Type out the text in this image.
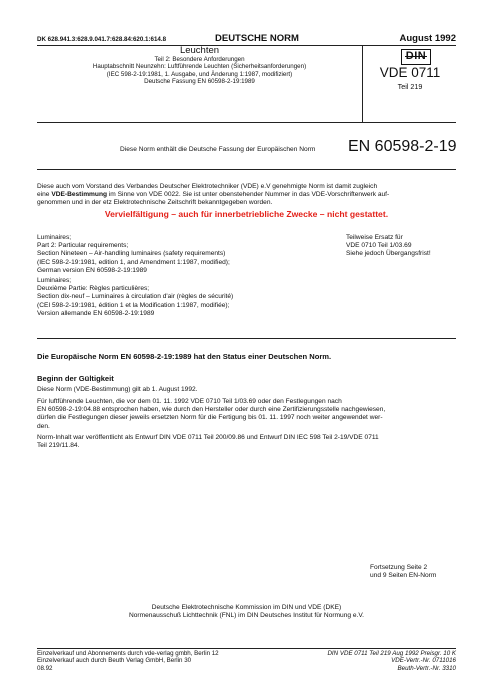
DK 628.941.3:628.9.041.7:628.84:620.1:614.8	DEUTSCHE NORM	August 1992
Leuchten
Teil 2: Besondere Anforderungen
Hauptabschnitt Neunzehn: Luftführende Leuchten (Sicherheitsanforderungen)
(IEC 598-2-19:1981, 1. Ausgabe, und Änderung 1:1987, modifiziert)
Deutsche Fassung EN 60598-2-19:1989
DIN
VDE 0711
Teil 219
Diese Norm enthält die Deutsche Fassung der Europäischen Norm EN 60598-2-19
Diese auch vom Vorstand des Verbandes Deutscher Elektrotechniker (VDE) e.V genehmigte Norm ist damit zugleich
eine VDE-Bestimmung im Sinne von VDE 0022. Sie ist unter obenstehender Nummer in das VDE-Vorschriftenwerk auf-
genommen und in der etz Elektrotechnische Zeitschrift bekanntgegeben worden.
Vervielfältigung – auch für innerbetriebliche Zwecke – nicht gestattet.
Luminaires;
Part 2: Particular requirements;
Section Nineteen – Air-handling luminaires (safety requirements)
(IEC 598-2-19:1981, edition 1, and Amendment 1:1987, modified);
German version EN 60598-2-19:1989
Luminaires;
Deuxième Partie: Règles particulières;
Section dix-neuf – Luminaires à circulation d'air (règles de sécurité)
(CEI 598-2-19:1981, édition 1 et la Modification 1:1987, modifiée);
Version allemande EN 60598-2-19:1989
Teilweise Ersatz für
VDE 0710 Teil 1/03.69
Siehe jedoch Übergangsfrist!
Die Europäische Norm EN 60598-2-19:1989 hat den Status einer Deutschen Norm.
Beginn der Gültigkeit
Diese Norm (VDE-Bestimmung) gilt ab 1. August 1992.
Für luftführende Leuchten, die vor dem 01. 11. 1992 VDE 0710 Teil 1/03.69 oder den Festlegungen nach
EN 60598-2-19:04.88 entsprochen haben, wie durch den Hersteller oder durch eine Zertifizierungsstelle nachgewiesen,
dürfen die Festlegungen dieser jeweils ersetzten Norm für die Fertigung bis 01. 11. 1997 noch weiter angewendet wer-
den.
Norm-Inhalt war veröffentlicht als Entwurf DIN VDE 0711 Teil 200/09.86 und Entwurf DIN IEC 598 Teil 2-19/VDE 0711
Teil 219/11.84.
Fortsetzung Seite 2
und 9 Seiten EN-Norm
Deutsche Elektrotechnische Kommission im DIN und VDE (DKE)
Normenausschuß Lichttechnik (FNL) im DIN Deutsches Institut für Normung e.V.
Einzelverkauf und Abonnements durch vde-verlag gmbh, Berlin 12
Einzelverkauf auch durch Beuth Verlag GmbH, Berlin 30
08.92
DIN VDE 0711 Teil 219 Aug 1992 Preisgr. 10 K
VDE-Vertr.-Nr. 0711016
Beuth-Vertr.-Nr. 3310
